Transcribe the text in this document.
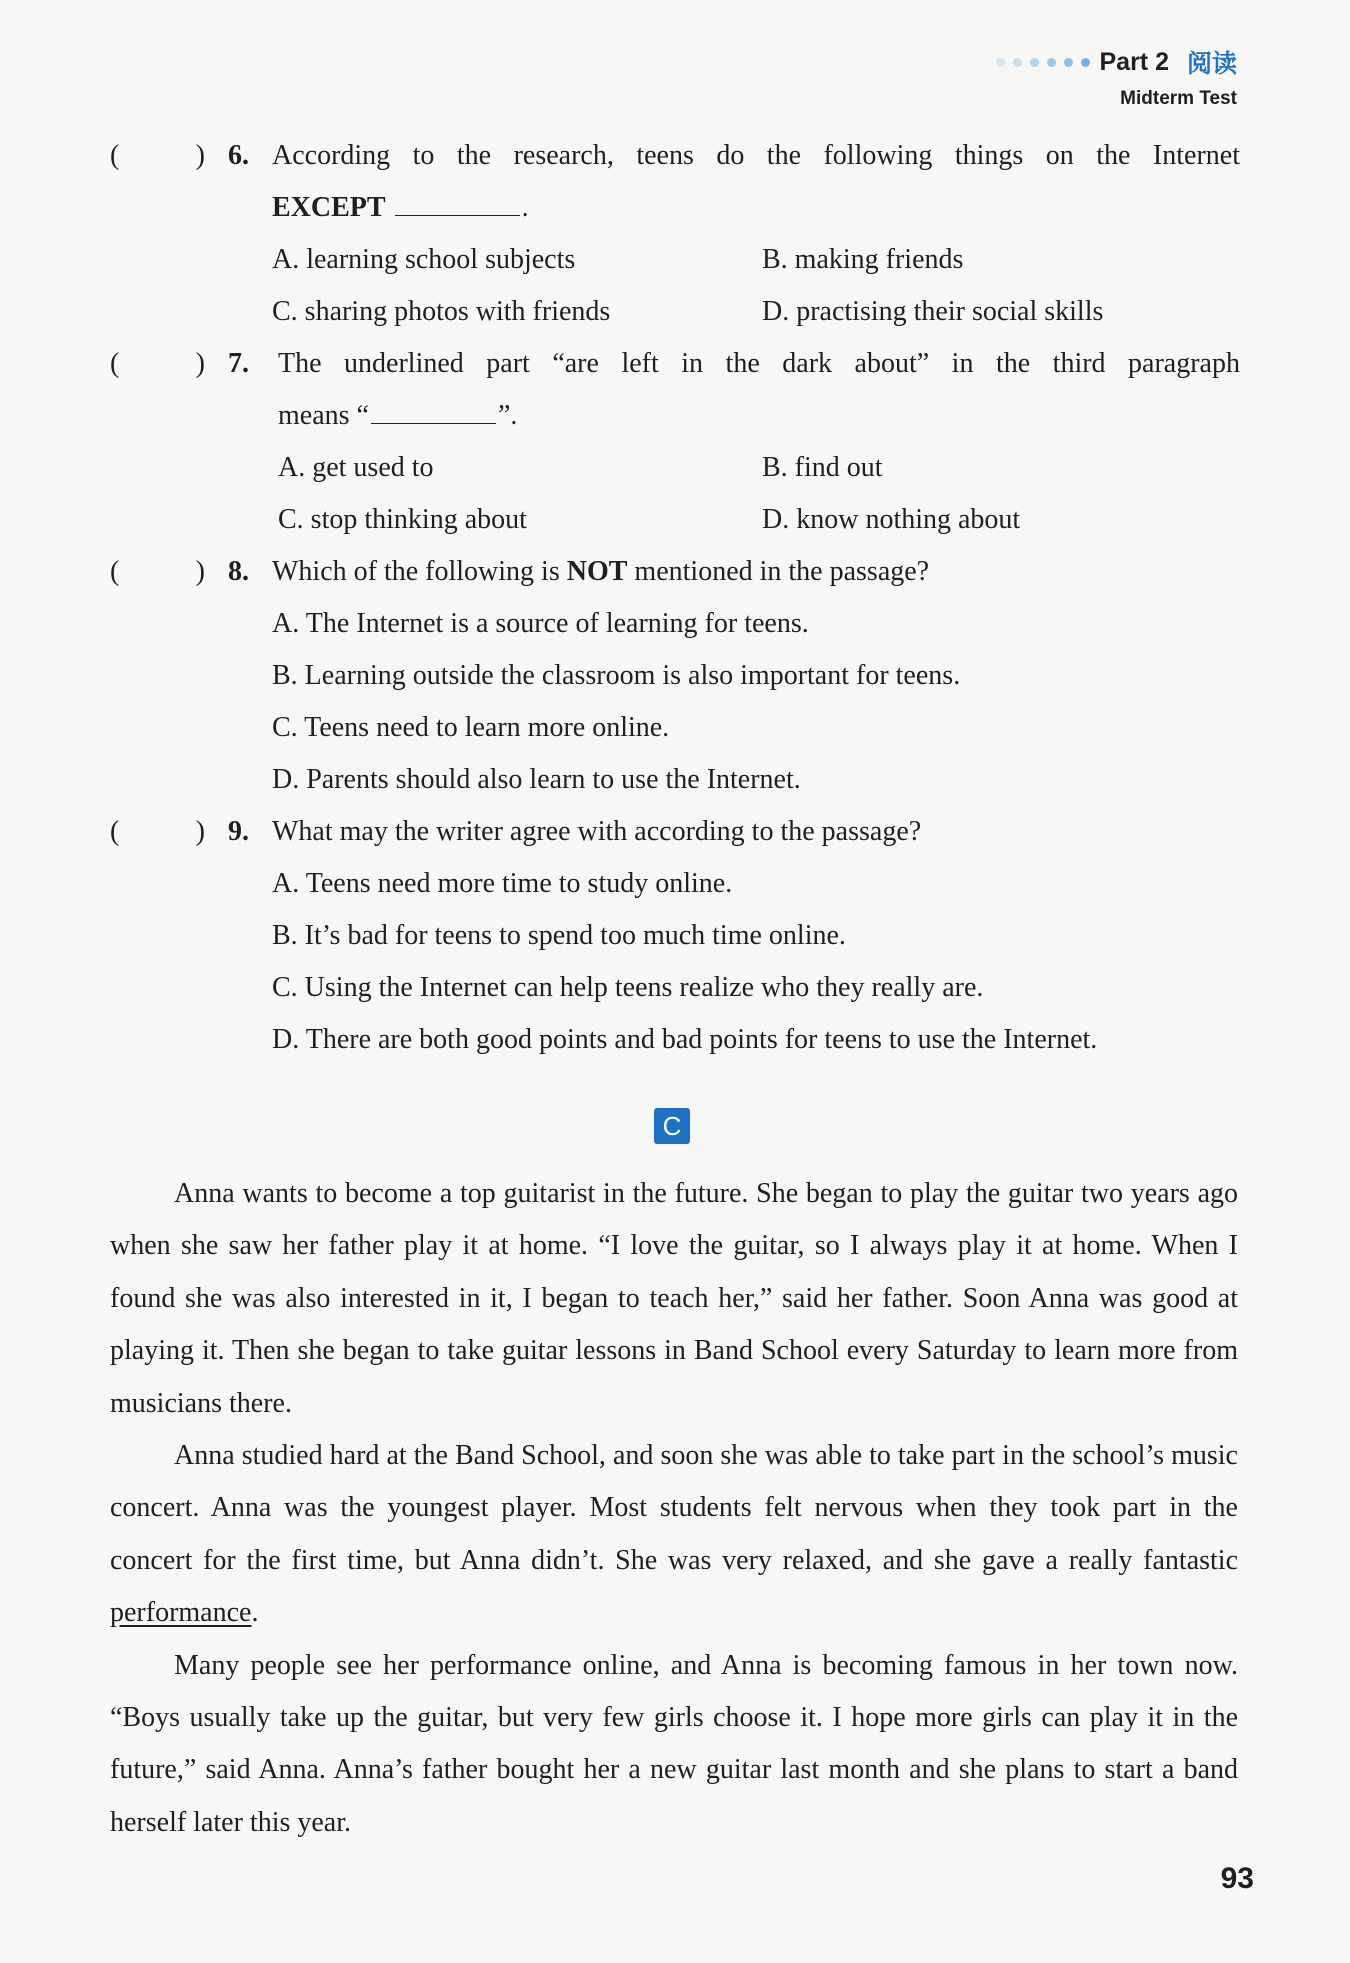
Part 2 阅读
Midterm Test
(	) 6. According to the research, teens do the following things on the Internet
EXCEPT	.
A. learning school subjects	B. making friends
C. sharing photos with friends	D. practising their social skills
(	) 7. The underlined part “are left in the dark about” in the third paragraph
means “	”.
A. get used to	B. find out
C. stop thinking about	D. know nothing about
(	) 8. Which of the following is NOT mentioned in the passage?
A. The Internet is a source of learning for teens.
B. Learning outside the classroom is also important for teens.
C. Teens need to learn more online.
D. Parents should also learn to use the Internet.
(	) 9. What may the writer agree with according to the passage?
A. Teens need more time to study online.
B. It’s bad for teens to spend too much time online.
C. Using the Internet can help teens realize who they really are.
D. There are both good points and bad points for teens to use the Internet.
C

Anna wants to become a top guitarist in the future. She began to play the guitar two years ago when she saw her father play it at home. “I love the guitar, so I always play it at home. When I found she was also interested in it, I began to teach her,” said her father. Soon Anna was good at playing it. Then she began to take guitar lessons in Band School every Saturday to learn more from musicians there.

Anna studied hard at the Band School, and soon she was able to take part in the school’s music concert. Anna was the youngest player. Most students felt nervous when they took part in the concert for the first time, but Anna didn’t. She was very relaxed, and she gave a really fantastic performance.

Many people see her performance online, and Anna is becoming famous in her town now. “Boys usually take up the guitar, but very few girls choose it. I hope more girls can play it in the future,” said Anna. Anna’s father bought her a new guitar last month and she plans to start a band herself later this year.

93
